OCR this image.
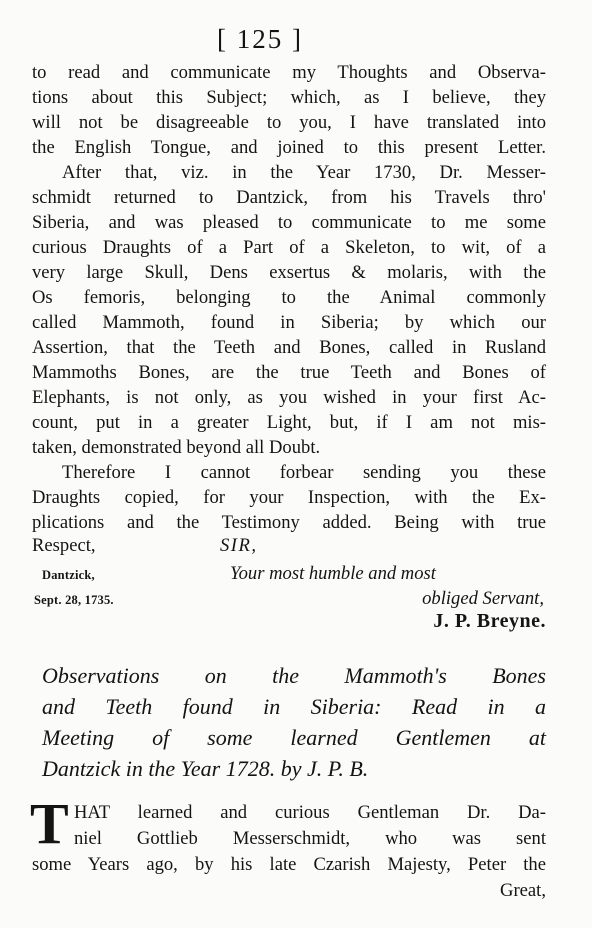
[ 125 ]
to read and communicate my Thoughts and Observa-
tions about this Subject; which, as I believe, they
will not be disagreeable to you, I have translated into
the English Tongue, and joined to this present Letter.
After that, viz. in the Year 1730, Dr. Messer-
schmidt returned to Dantzick, from his Travels thro'
Siberia, and was pleased to communicate to me some
curious Draughts of a Part of a Skeleton, to wit, of a
very large Skull, Dens exsertus & molaris, with the
Os femoris, belonging to the Animal commonly
called Mammoth, found in Siberia; by which our
Assertion, that the Teeth and Bones, called in Rusland
Mammoths Bones, are the true Teeth and Bones of
Elephants, is not only, as you wished in your first Ac-
count, put in a greater Light, but, if I am not mis-
taken, demonstrated beyond all Doubt.
Therefore I cannot forbear sending you these
Draughts copied, for your Inspection, with the Ex-
plications and the Testimony added. Being with true
Respect,	SIR,
Dantzick,	Your most humble and most
Sept. 28, 1735.	obliged Servant,
J. P. Breyne.
Observations on the Mammoth's Bones
and Teeth found in Siberia: Read in a
Meeting of some learned Gentlemen at
Dantzick in the Year 1728. by J. P. B.
T HAT learned and curious Gentleman Dr. Da-
niel Gottlieb Messerschmidt, who was sent
some Years ago, by his late Czarish Majesty, Peter the
Great,
